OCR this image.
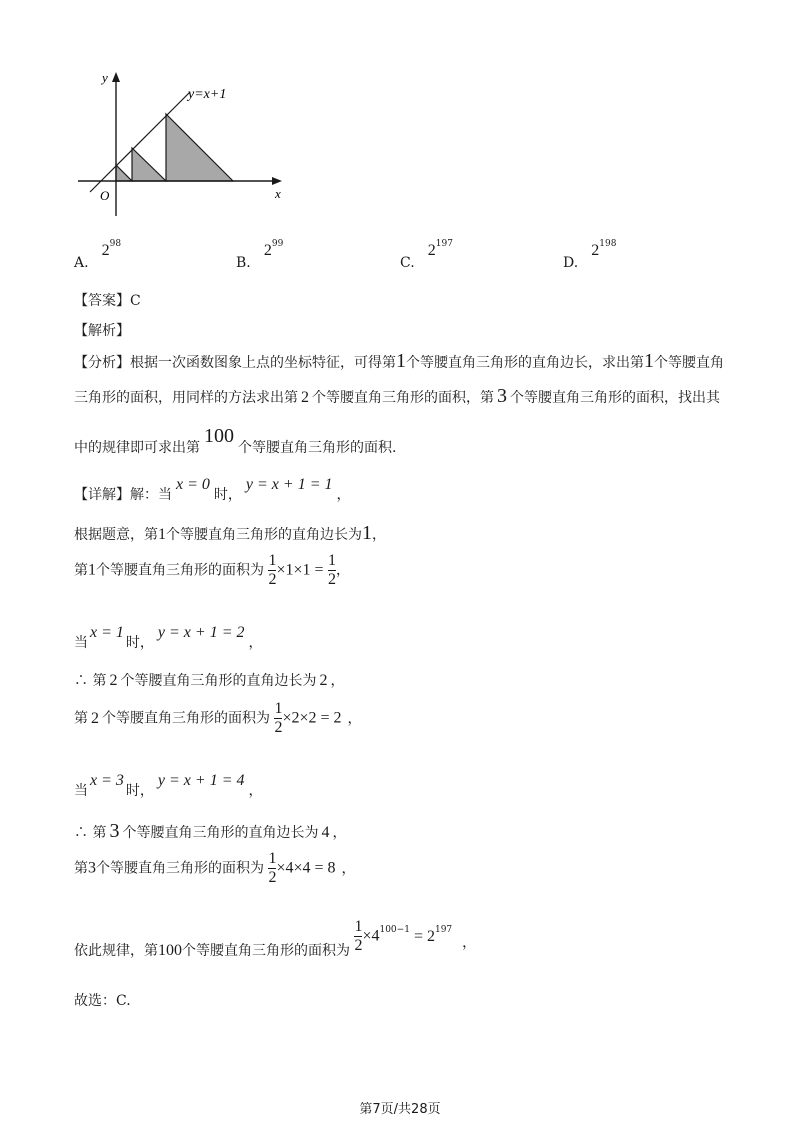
y=x+1
y
x
O
A. $2^{98}$
B. $2^{99}$
C. $2^{197}$
D. $2^{198}$
【答案】C
【解析】
【分析】根据一次函数图象上点的坐标特征，可得第1个等腰直角三角形的直角边长，求出第1个等腰直角
三角形的面积，用同样的方法求出第 2 个等腰直角三角形的面积，第 3 个等腰直角三角形的面积，找出其
中的规律即可求出第100个等腰直角三角形的面积.
【详解】解：当x = 0时，y = x + 1 = 1，
根据题意，第1个等腰直角三角形的直角边长为1，
第1个等腰直角三角形的面积为 $\frac{1}{2} \times 1\times 1 = \frac{1}{2}$ ，
当x = 1时，y = x + 1 = 2，
∴ 第 2 个等腰直角三角形的直角边长为 2 ，
第 2 个等腰直角三角形的面积为 $\frac{1}{2} \times 2\times 2 = 2$ ，
当x = 3时，y = x + 1 = 4，
∴ 第 3 个等腰直角三角形的直角边长为 4 ，
第3个等腰直角三角形的面积为 $\frac{1}{2} \times 4\times 4 = 8$ ，
依此规律，第100个等腰直角三角形的面积为 $\frac{1}{2} \times 4^{100-1} = 2^{197}$，
故选：C.
第7页/共28页
